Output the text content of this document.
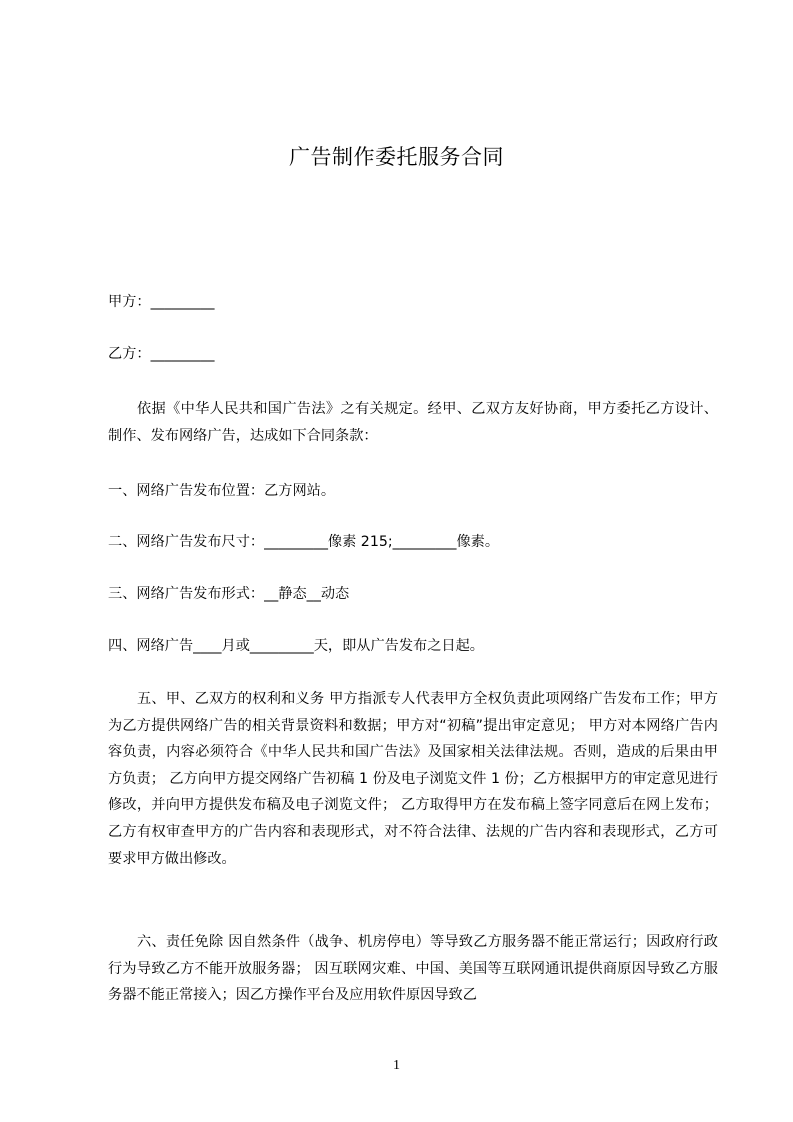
广告制作委托服务合同
甲方：_________
乙方：_________
依据《中华人民共和国广告法》之有关规定。经甲、乙双方友好协商，甲方委托乙方设计、制作、发布网络广告，达成如下合同条款：
一、网络广告发布位置：乙方网站。
二、网络广告发布尺寸：_________像素 215;_________像素。
三、网络广告发布形式：__静态__动态
四、网络广告____月或_________天，即从广告发布之日起。
五、甲、乙双方的权利和义务 甲方指派专人代表甲方全权负责此项网络广告发布工作；甲方为乙方提供网络广告的相关背景资料和数据；甲方对“初稿”提出审定意见； 甲方对本网络广告内容负责，内容必须符合《中华人民共和国广告法》及国家相关法律法规。否则，造成的后果由甲方负责； 乙方向甲方提交网络广告初稿 1 份及电子浏览文件 1 份；乙方根据甲方的审定意见进行修改，并向甲方提供发布稿及电子浏览文件； 乙方取得甲方在发布稿上签字同意后在网上发布；乙方有权审查甲方的广告内容和表现形式，对不符合法律、法规的广告内容和表现形式，乙方可要求甲方做出修改。
六、责任免除 因自然条件（战争、机房停电）等导致乙方服务器不能正常运行；因政府行政行为导致乙方不能开放服务器； 因互联网灾难、中国、美国等互联网通讯提供商原因导致乙方服务器不能正常接入；因乙方操作平台及应用软件原因导致乙
1
